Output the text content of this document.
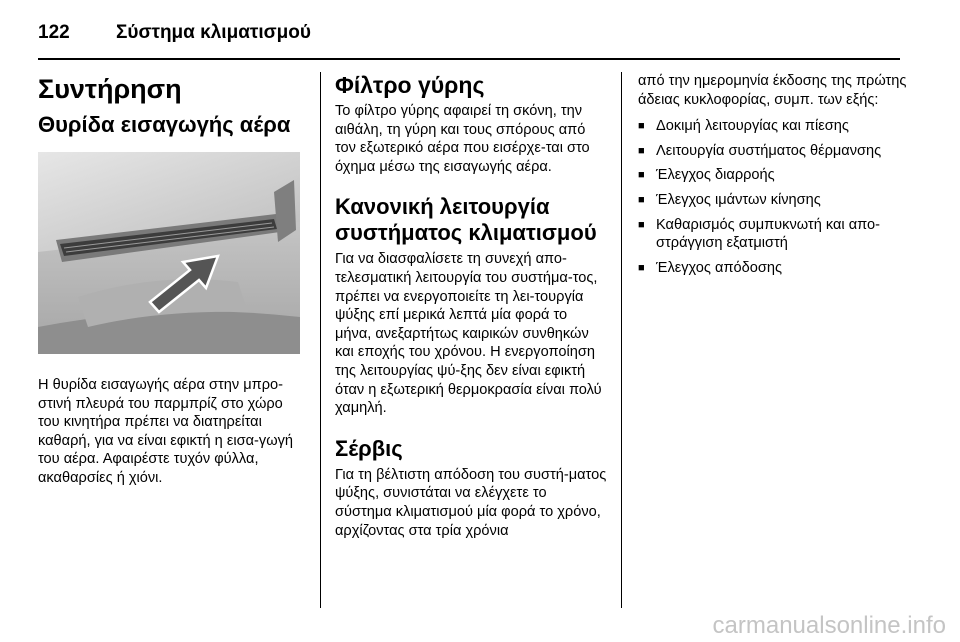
122 Σύστημα κλιματισμού
Συντήρηση
Θυρίδα εισαγωγής αέρα

Η θυρίδα εισαγωγής αέρα στην μπρο-στινή πλευρά του παρμπρίζ στο χώρο του κινητήρα πρέπει να διατηρείται καθαρή, για να είναι εφικτή η εισα-γωγή του αέρα. Αφαιρέστε τυχόν φύλλα, ακαθαρσίες ή χιόνι.

Φίλτρο γύρης

Το φίλτρο γύρης αφαιρεί τη σκόνη, την αιθάλη, τη γύρη και τους σπόρους από τον εξωτερικό αέρα που εισέρχε-ται στο όχημα μέσω της εισαγωγής αέρα.

Κανονική λειτουργία συστήματος κλιματισμού

Για να διασφαλίσετε τη συνεχή απο-τελεσματική λειτουργία του συστήμα-τος, πρέπει να ενεργοποιείτε τη λει-τουργία ψύξης επί μερικά λεπτά μία φορά το μήνα, ανεξαρτήτως καιρικών συνθηκών και εποχής του χρόνου. Η ενεργοποίηση της λειτουργίας ψύ-ξης δεν είναι εφικτή όταν η εξωτερική θερμοκρασία είναι πολύ χαμηλή.

Σέρβις

Για τη βέλτιστη απόδοση του συστή-ματος ψύξης, συνιστάται να ελέγχετε το σύστημα κλιματισμού μία φορά το χρόνο, αρχίζοντας στα τρία χρόνια

από την ημερομηνία έκδοσης της πρώτης άδειας κυκλοφορίας, συμπ. των εξής:

■ Δοκιμή λειτουργίας και πίεσης
■ Λειτουργία συστήματος θέρμανσης
■ Έλεγχος διαρροής
■ Έλεγχος ιμάντων κίνησης
■ Καθαρισμός συμπυκνωτή και απο-στράγγιση εξατμιστή
■ Έλεγχος απόδοσης
carmanualsonline.info
